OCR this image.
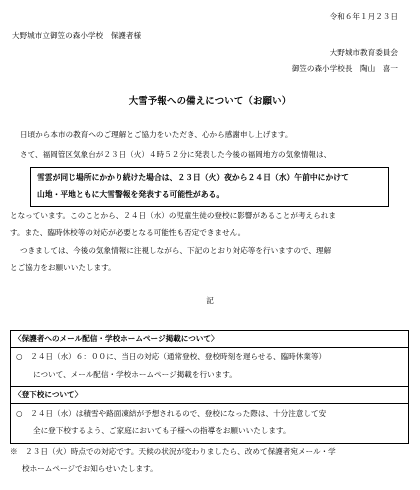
令和６年１月２３日
大野城市立御笠の森小学校　保護者様
大野城市教育委員会
御笠の森小学校長　陶山　喜一
大雪予報への備えについて（お願い）
日頃から本市の教育へのご理解とご協力をいただき、心から感謝申し上げます。
さて、福岡管区気象台が２３日（火）４時５２分に発表した今後の福岡地方の気象情報は、
雪雲が同じ場所にかかり続けた場合は、２３日（火）夜から２４日（水）午前中にかけて
山地・平地ともに大雪警報を発表する可能性がある。
となっています。このことから、２４日（水）の児童生徒の登校に影響があることが考えられま
す。また、臨時休校等の対応が必要となる可能性も否定できません。
つきましては、今後の気象情報に注視しながら、下記のとおり対応等を行いますので、理解
とご協力をお願いいたします。
記
〈保護者へのメール配信・学校ホームページ掲載について〉
○　２４日（水）６：００に、当日の対応（通常登校、登校時刻を遅らせる、臨時休業等）
について、メール配信・学校ホームページ掲載を行います。
〈登下校について〉
○　２４日（水）は積雪や路面凍結が予想されるので、登校になった際は、十分注意して安
全に登下校するよう、ご家庭においても子様への指導をお願いいたします。
※　２３日（火）時点での対応です。天候の状況が変わりましたら、改めて保護者宛メール・学
校ホームページでお知らせいたします。
